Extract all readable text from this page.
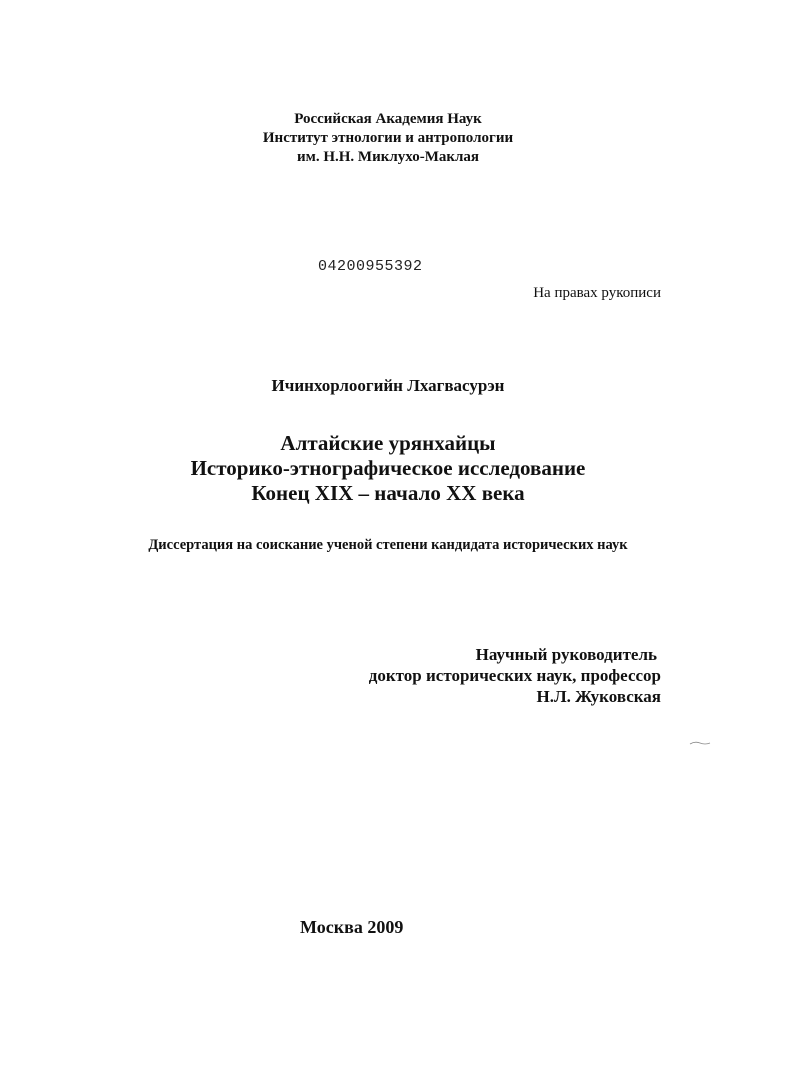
Российская Академия Наук

Институт этнологии и антропологии

им. Н.Н. Миклухо-Маклая

04200955392

На правах рукописи

Ичинхорлоогийн Лхагвасурэн

Алтайские урянхайцы

Историко-этнографическое исследование

Конец XIX – начало XX века

Диссертация на соискание ученой степени кандидата исторических наук

Научный руководитель

доктор исторических наук, профессор

Н.Л. Жуковская

Москва 2009
